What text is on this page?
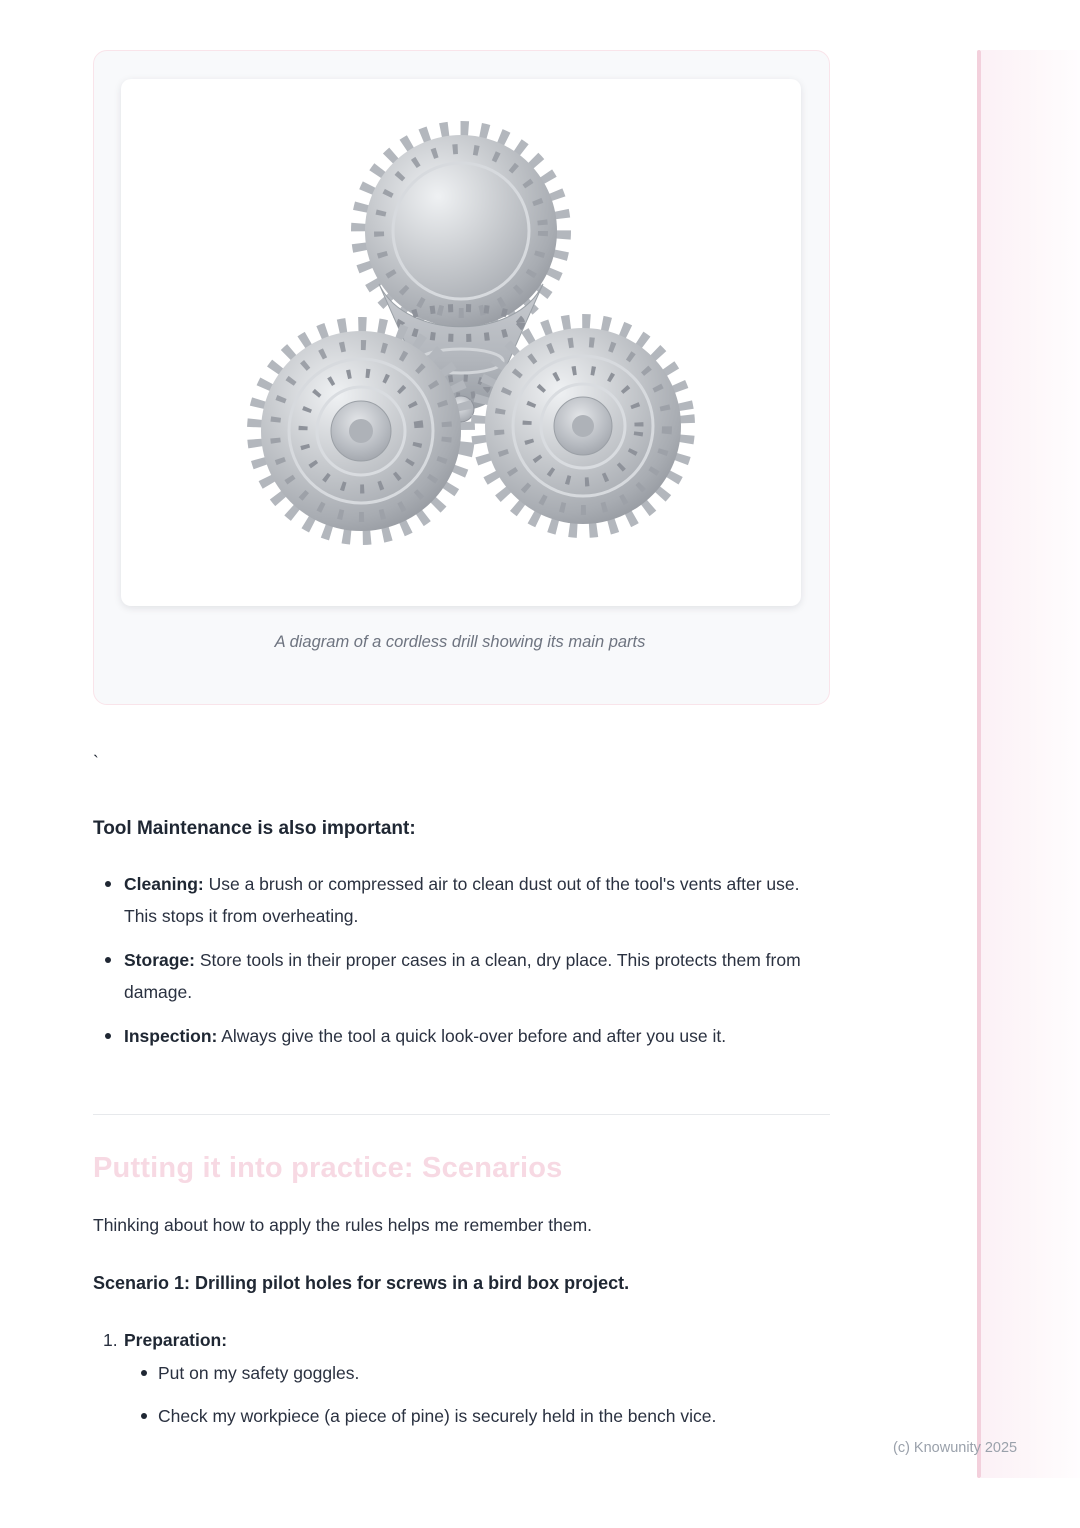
A diagram of a cordless drill showing its main parts

`

Tool Maintenance is also important:
Cleaning: Use a brush or compressed air to clean dust out of the tool's vents after use. This stops it from overheating.
Storage: Store tools in their proper cases in a clean, dry place. This protects them from damage.
Inspection: Always give the tool a quick look-over before and after you use it.
Putting it into practice: Scenarios

Thinking about how to apply the rules helps me remember them.

Scenario 1: Drilling pilot holes for screws in a bird box project.

1. Preparation:
Put on my safety goggles.
Check my workpiece (a piece of pine) is securely held in the bench vice.
(c) Knowunity 2025
